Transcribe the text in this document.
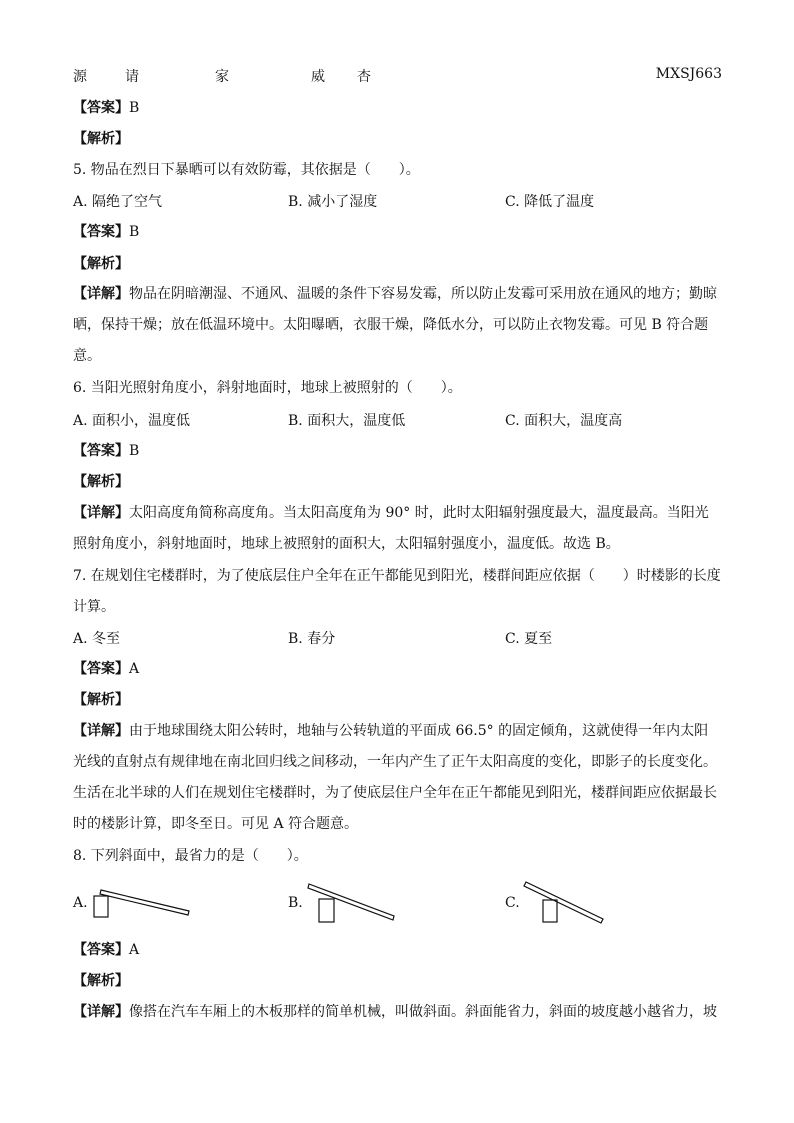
源	请	家	威 杏	MXSJ663
【答案】B
【解析】
5. 物品在烈日下暴晒可以有效防霉，其依据是（　　）。
A. 隔绝了空气	B. 减小了湿度	C. 降低了温度
【答案】B
【解析】
【详解】物品在阴暗潮湿、不通风、温暖的条件下容易发霉，所以防止发霉可采用放在通风的地方；勤晾晒，保持干燥；放在低温环境中。太阳曝晒，衣服干燥，降低水分，可以防止衣物发霉。可见 B 符合题意。
6. 当阳光照射角度小，斜射地面时，地球上被照射的（　　）。
A. 面积小，温度低	B. 面积大，温度低	C. 面积大，温度高
【答案】B
【解析】
【详解】太阳高度角简称高度角。当太阳高度角为 90° 时，此时太阳辐射强度最大，温度最高。当阳光照射角度小，斜射地面时，地球上被照射的面积大，太阳辐射强度小，温度低。故选 B。
7. 在规划住宅楼群时，为了使底层住户全年在正午都能见到阳光，楼群间距应依据（　　）时楼影的长度计算。
A. 冬至	B. 春分	C. 夏至
【答案】A
【解析】
【详解】由于地球围绕太阳公转时，地轴与公转轨道的平面成 66.5° 的固定倾角，这就使得一年内太阳光线的直射点有规律地在南北回归线之间移动，一年内产生了正午太阳高度的变化，即影子的长度变化。生活在北半球的人们在规划住宅楼群时，为了使底层住户全年在正午都能见到阳光，楼群间距应依据最长时的楼影计算，即冬至日。可见 A 符合题意。
8. 下列斜面中，最省力的是（　　）。
A.	B.	C.
【答案】A
【解析】
【详解】像搭在汽车车厢上的木板那样的简单机械，叫做斜面。斜面能省力，斜面的坡度越小越省力，坡
